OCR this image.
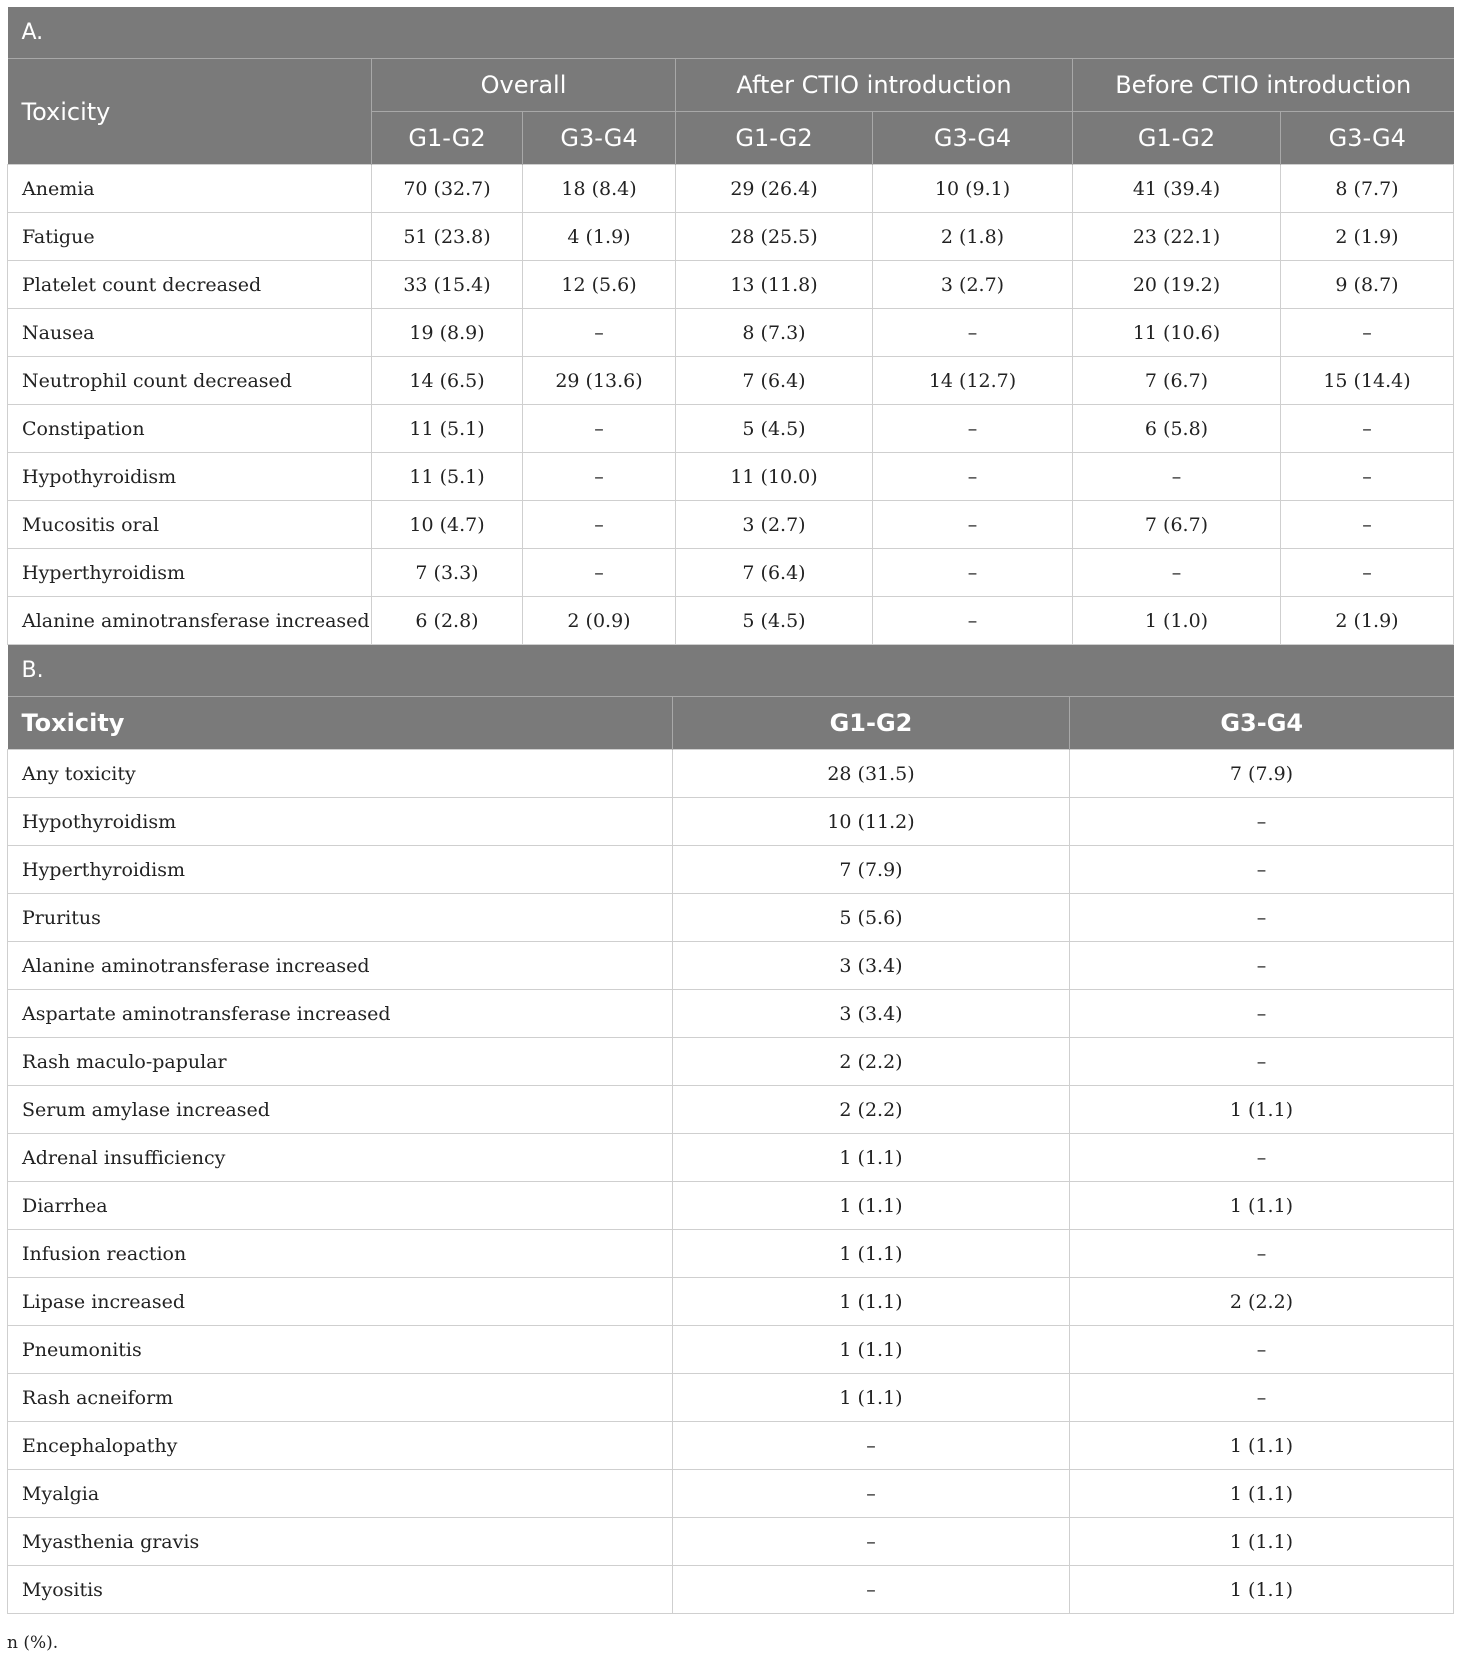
A.						
Toxicity	Overall		After CTIO introduction		Before CTIO introduction	
	G1-G2	G3-G4	G1-G2	G3-G4	G1-G2	G3-G4
Anemia	70 (32.7)	18 (8.4)	29 (26.4)	10 (9.1)	41 (39.4)	8 (7.7)
Fatigue	51 (23.8)	4 (1.9)	28 (25.5)	2 (1.8)	23 (22.1)	2 (1.9)
Platelet count decreased	33 (15.4)	12 (5.6)	13 (11.8)	3 (2.7)	20 (19.2)	9 (8.7)
Nausea	19 (8.9)	–	8 (7.3)	–	11 (10.6)	–
Neutrophil count decreased	14 (6.5)	29 (13.6)	7 (6.4)	14 (12.7)	7 (6.7)	15 (14.4)
Constipation	11 (5.1)	–	5 (4.5)	–	6 (5.8)	–
Hypothyroidism	11 (5.1)	–	11 (10.0)	–	–	–
Mucositis oral	10 (4.7)	–	3 (2.7)	–	7 (6.7)	–
Hyperthyroidism	7 (3.3)	–	7 (6.4)	–	–	–
Alanine aminotransferase increased	6 (2.8)	2 (0.9)	5 (4.5)	–	1 (1.0)	2 (1.9)
B.		
Toxicity	G1-G2	G3-G4
Any toxicity	28 (31.5)	7 (7.9)
Hypothyroidism	10 (11.2)	–
Hyperthyroidism	7 (7.9)	–
Pruritus	5 (5.6)	–
Alanine aminotransferase increased	3 (3.4)	–
Aspartate aminotransferase increased	3 (3.4)	–
Rash maculo-papular	2 (2.2)	–
Serum amylase increased	2 (2.2)	1 (1.1)
Adrenal insufficiency	1 (1.1)	–
Diarrhea	1 (1.1)	1 (1.1)
Infusion reaction	1 (1.1)	–
Lipase increased	1 (1.1)	2 (2.2)
Pneumonitis	1 (1.1)	–
Rash acneiform	1 (1.1)	–
Encephalopathy	–	1 (1.1)
Myalgia	–	1 (1.1)
Myasthenia gravis	–	1 (1.1)
Myositis	–	1 (1.1)
n (%).
